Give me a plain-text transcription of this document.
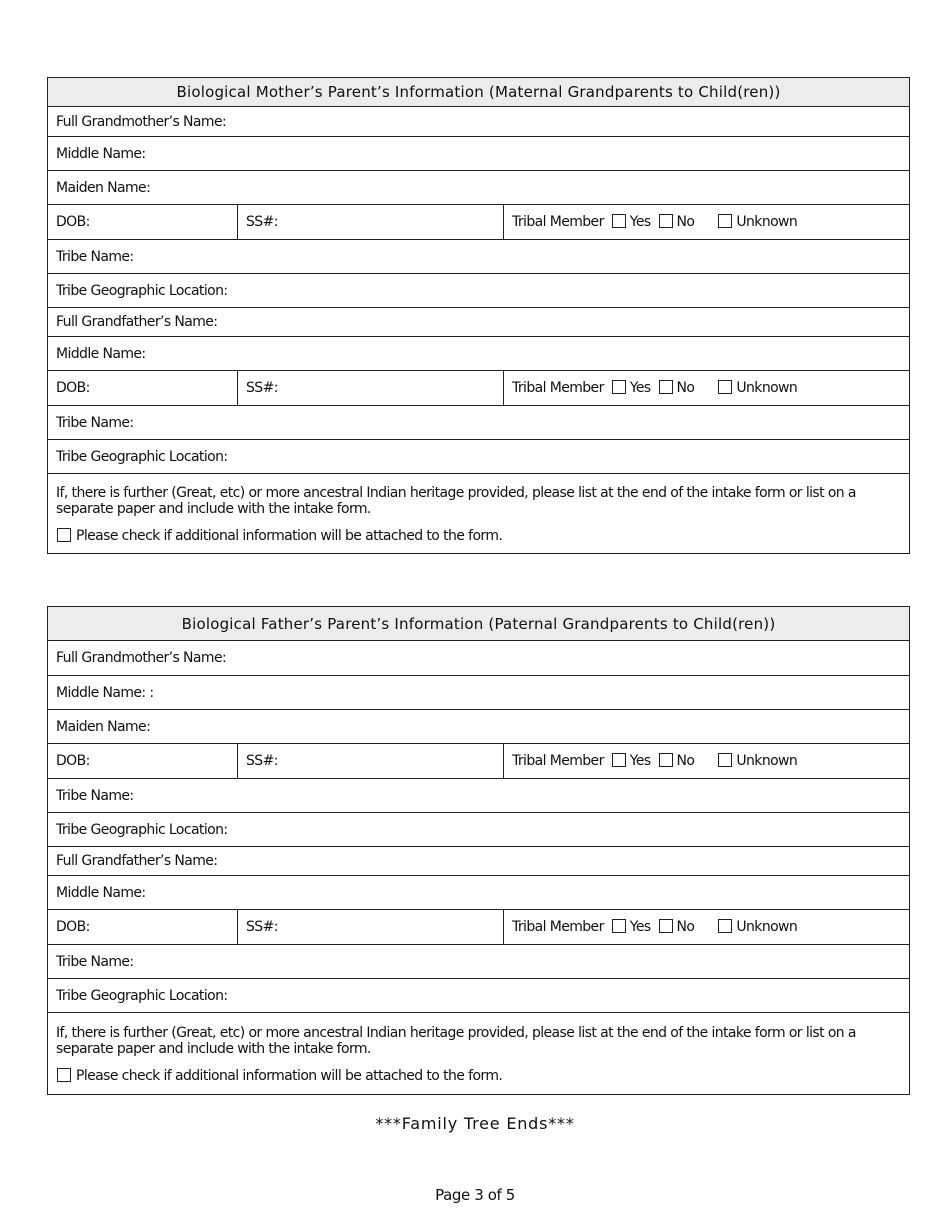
Biological Mother’s Parent’s Information (Maternal Grandparents to Child(ren))		
Full Grandmother’s Name:		
Middle Name:		
Maiden Name:		
DOB:	SS#:	Tribal Member Yes No Unknown
Tribe Name:		
Tribe Geographic Location:		
Full Grandfather’s Name:		
Middle Name:		
DOB:	SS#:	Tribal Member Yes No Unknown
Tribe Name:		
Tribe Geographic Location:		

If, there is further (Great, etc) or more ancestral Indian heritage provided, please list at the end of the intake form or list on a separate paper and include with the intake form.
Please check if additional information will be attached to the form.		
Biological Father’s Parent’s Information (Paternal Grandparents to Child(ren))		
Full Grandmother’s Name:		
Middle Name: :		
Maiden Name:		
DOB:	SS#:	Tribal Member Yes No Unknown
Tribe Name:		
Tribe Geographic Location:		
Full Grandfather’s Name:		
Middle Name:		
DOB:	SS#:	Tribal Member Yes No Unknown
Tribe Name:		
Tribe Geographic Location:		

If, there is further (Great, etc) or more ancestral Indian heritage provided, please list at the end of the intake form or list on a separate paper and include with the intake form.
Please check if additional information will be attached to the form.		
***Family Tree Ends***
Page 3 of 5
